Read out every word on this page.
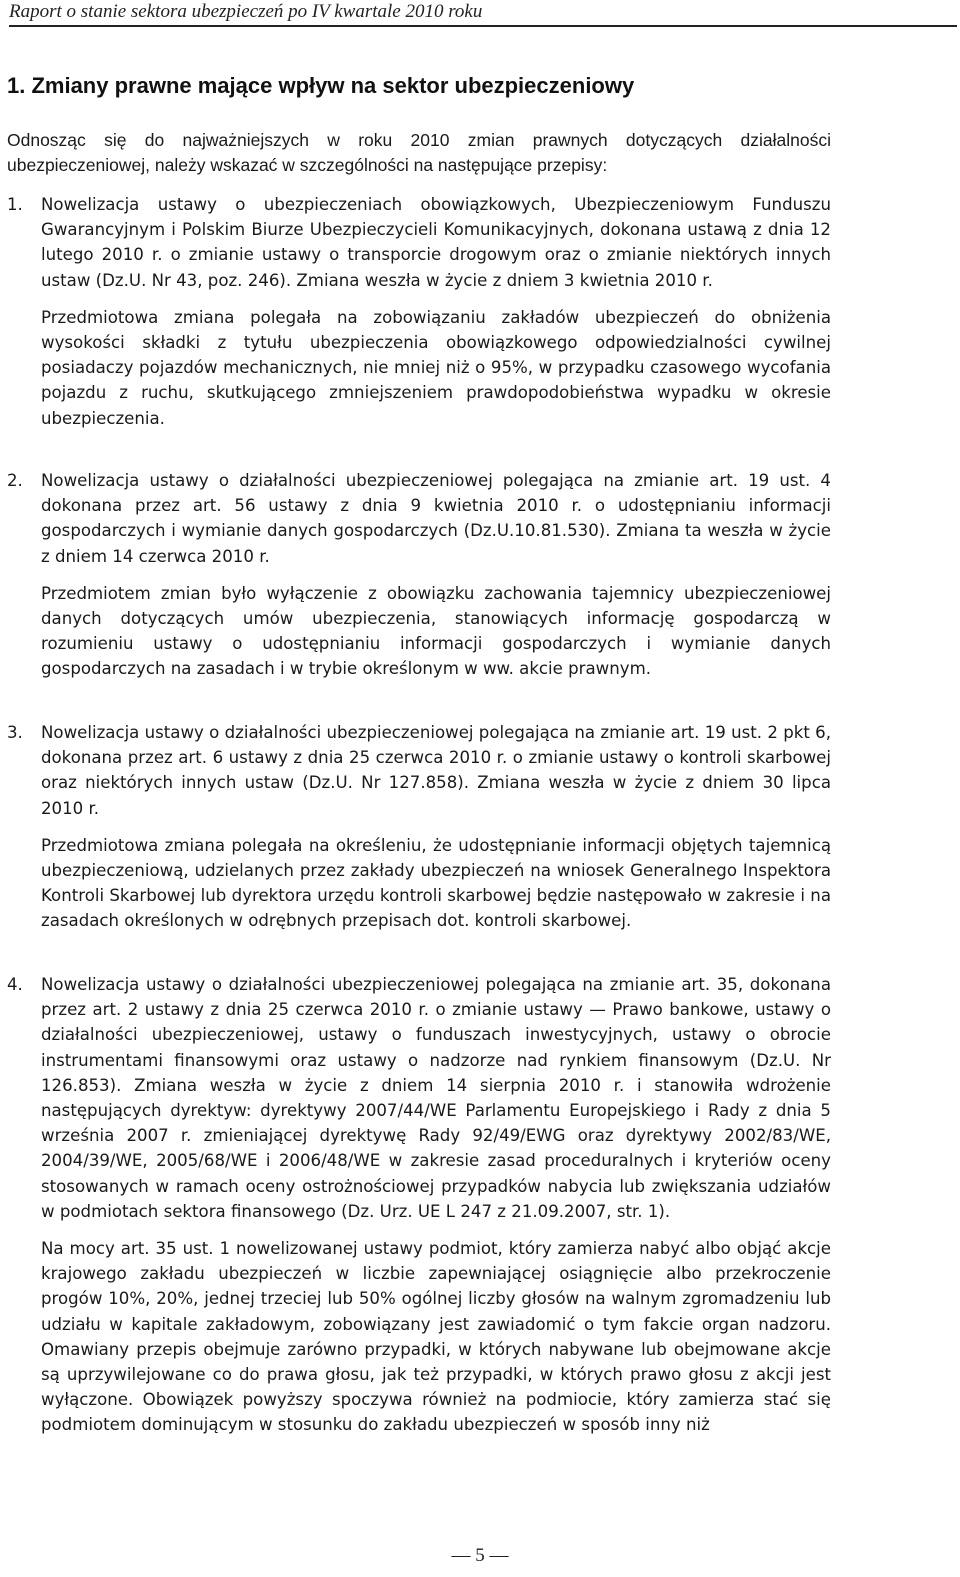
Raport o stanie sektora ubezpieczeń po IV kwartale 2010 roku
1. Zmiany prawne mające wpływ na sektor ubezpieczeniowy
Odnosząc się do najważniejszych w roku 2010 zmian prawnych dotyczących działalności ubezpieczeniowej, należy wskazać w szczególności na następujące przepisy:
1. Nowelizacja ustawy o ubezpieczeniach obowiązkowych, Ubezpieczeniowym Funduszu Gwarancyjnym i Polskim Biurze Ubezpieczycieli Komunikacyjnych, dokonana ustawą z dnia 12 lutego 2010 r. o zmianie ustawy o transporcie drogowym oraz o zmianie niektórych innych ustaw (Dz.U. Nr 43, poz. 246). Zmiana weszła w życie z dniem 3 kwietnia 2010 r.

Przedmiotowa zmiana polegała na zobowiązaniu zakładów ubezpieczeń do obniżenia wysokości składki z tytułu ubezpieczenia obowiązkowego odpowiedzialności cywilnej posiadaczy pojazdów mechanicznych, nie mniej niż o 95%, w przypadku czasowego wycofania pojazdu z ruchu, skutkującego zmniejszeniem prawdopodobieństwa wypadku w okresie ubezpieczenia.

2. Nowelizacja ustawy o działalności ubezpieczeniowej polegająca na zmianie art. 19 ust. 4 dokonana przez art. 56 ustawy z dnia 9 kwietnia 2010 r. o udostępnianiu informacji gospodarczych i wymianie danych gospodarczych (Dz.U.10.81.530). Zmiana ta weszła w życie z dniem 14 czerwca 2010 r.

Przedmiotem zmian było wyłączenie z obowiązku zachowania tajemnicy ubezpieczeniowej danych dotyczących umów ubezpieczenia, stanowiących informację gospodarczą w rozumieniu ustawy o udostępnianiu informacji gospodarczych i wymianie danych gospodarczych na zasadach i w trybie określonym w ww. akcie prawnym.

3. Nowelizacja ustawy o działalności ubezpieczeniowej polegająca na zmianie art. 19 ust. 2 pkt 6, dokonana przez art. 6 ustawy z dnia 25 czerwca 2010 r. o zmianie ustawy o kontroli skarbowej oraz niektórych innych ustaw (Dz.U. Nr 127.858). Zmiana weszła w życie z dniem 30 lipca 2010 r.

Przedmiotowa zmiana polegała na określeniu, że udostępnianie informacji objętych tajemnicą ubezpieczeniową, udzielanych przez zakłady ubezpieczeń na wniosek Generalnego Inspektora Kontroli Skarbowej lub dyrektora urzędu kontroli skarbowej będzie następowało w zakresie i na zasadach określonych w odrębnych przepisach dot. kontroli skarbowej.

4. Nowelizacja ustawy o działalności ubezpieczeniowej polegająca na zmianie art. 35, dokonana przez art. 2 ustawy z dnia 25 czerwca 2010 r. o zmianie ustawy — Prawo bankowe, ustawy o działalności ubezpieczeniowej, ustawy o funduszach inwestycyjnych, ustawy o obrocie instrumentami finansowymi oraz ustawy o nadzorze nad rynkiem finansowym (Dz.U. Nr 126.853). Zmiana weszła w życie z dniem 14 sierpnia 2010 r. i stanowiła wdrożenie następujących dyrektyw: dyrektywy 2007/44/WE Parlamentu Europejskiego i Rady z dnia 5 września 2007 r. zmieniającej dyrektywę Rady 92/49/EWG oraz dyrektywy 2002/83/WE, 2004/39/WE, 2005/68/WE i 2006/48/WE w zakresie zasad proceduralnych i kryteriów oceny stosowanych w ramach oceny ostrożnościowej przypadków nabycia lub zwiększania udziałów w podmiotach sektora finansowego (Dz. Urz. UE L 247 z 21.09.2007, str. 1).

Na mocy art. 35 ust. 1 nowelizowanej ustawy podmiot, który zamierza nabyć albo objąć akcje krajowego zakładu ubezpieczeń w liczbie zapewniającej osiągnięcie albo przekroczenie progów 10%, 20%, jednej trzeciej lub 50% ogólnej liczby głosów na walnym zgromadzeniu lub udziału w kapitale zakładowym, zobowiązany jest zawiadomić o tym fakcie organ nadzoru. Omawiany przepis obejmuje zarówno przypadki, w których nabywane lub obejmowane akcje są uprzywilejowane co do prawa głosu, jak też przypadki, w których prawo głosu z akcji jest wyłączone. Obowiązek powyższy spoczywa również na podmiocie, który zamierza stać się podmiotem dominującym w stosunku do zakładu ubezpieczeń w sposób inny niż

— 5 —
